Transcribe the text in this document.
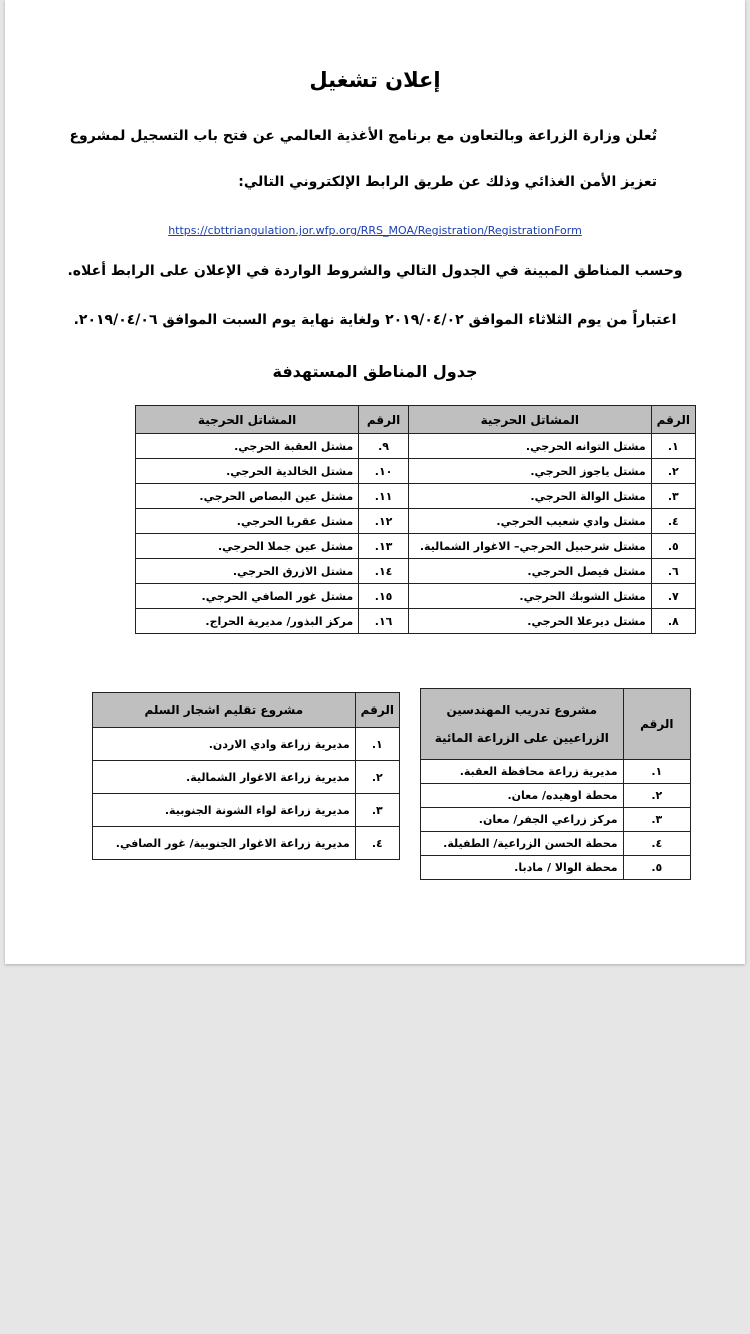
إعلان تشغيل
تُعلن وزارة الزراعة وبالتعاون مع برنامج الأغذية العالمي عن فتح باب التسجيل لمشروع
تعزيز الأمن الغذائي وذلك عن طريق الرابط الإلكتروني التالي:
https://cbttriangulation.jor.wfp.org/RRS_MOA/Registration/RegistrationForm
وحسب المناطق المبينة في الجدول التالي والشروط الواردة في الإعلان على الرابط أعلاه.
اعتباراً من يوم الثلاثاء الموافق ٢٠١٩/٠٤/٠٢ ولغاية نهاية يوم السبت الموافق ٢٠١٩/٠٤/٠٦.
جدول المناطق المستهدفة
الرقم	المشاتل الحرجية	الرقم	المشاتل الحرجية
١.	مشتل التوانه الحرجي.	٩.	مشتل العقبة الحرجي.
٢.	مشتل ياجوز الحرجي.	١٠.	مشتل الخالدية الحرجي.
٣.	مشتل الوالة الحرجي.	١١.	مشتل عين البصاص الحرجي.
٤.	مشتل وادي شعيب الحرجي.	١٢.	مشتل عقربا الحرجي.
٥.	مشتل شرحبيل الحرجي– الاغوار الشمالية.	١٣.	مشتل عين جملا الحرجي.
٦.	مشتل فيصل الحرجي.	١٤.	مشتل الازرق الحرجي.
٧.	مشتل الشوبك الحرجي.	١٥.	مشتل غور الصافي الحرجي.
٨.	مشتل ديرعلا الحرجي.	١٦.	مركز البذور/ مديرية الحراج.
الرقم	مشروع تدريب المهندسين
الزراعيين على الزراعة المائية

١.	مديرية زراعة محافظة العقبة.
٢.	محطة اوهيده/ معان.
٣.	مركز زراعي الجفر/ معان.
٤.	محطة الحسن الزراعية/ الطفيلة.
٥.	محطة الوالا / مادبا.
الرقم	مشروع تقليم اشجار السلم
١.	مديرية زراعة وادي الاردن.
٢.	مديرية زراعة الاغوار الشمالية.
٣.	مديرية زراعة لواء الشونة الجنوبية.
٤.	مديرية زراعة الاغوار الجنوبية/ غور الصافي.
